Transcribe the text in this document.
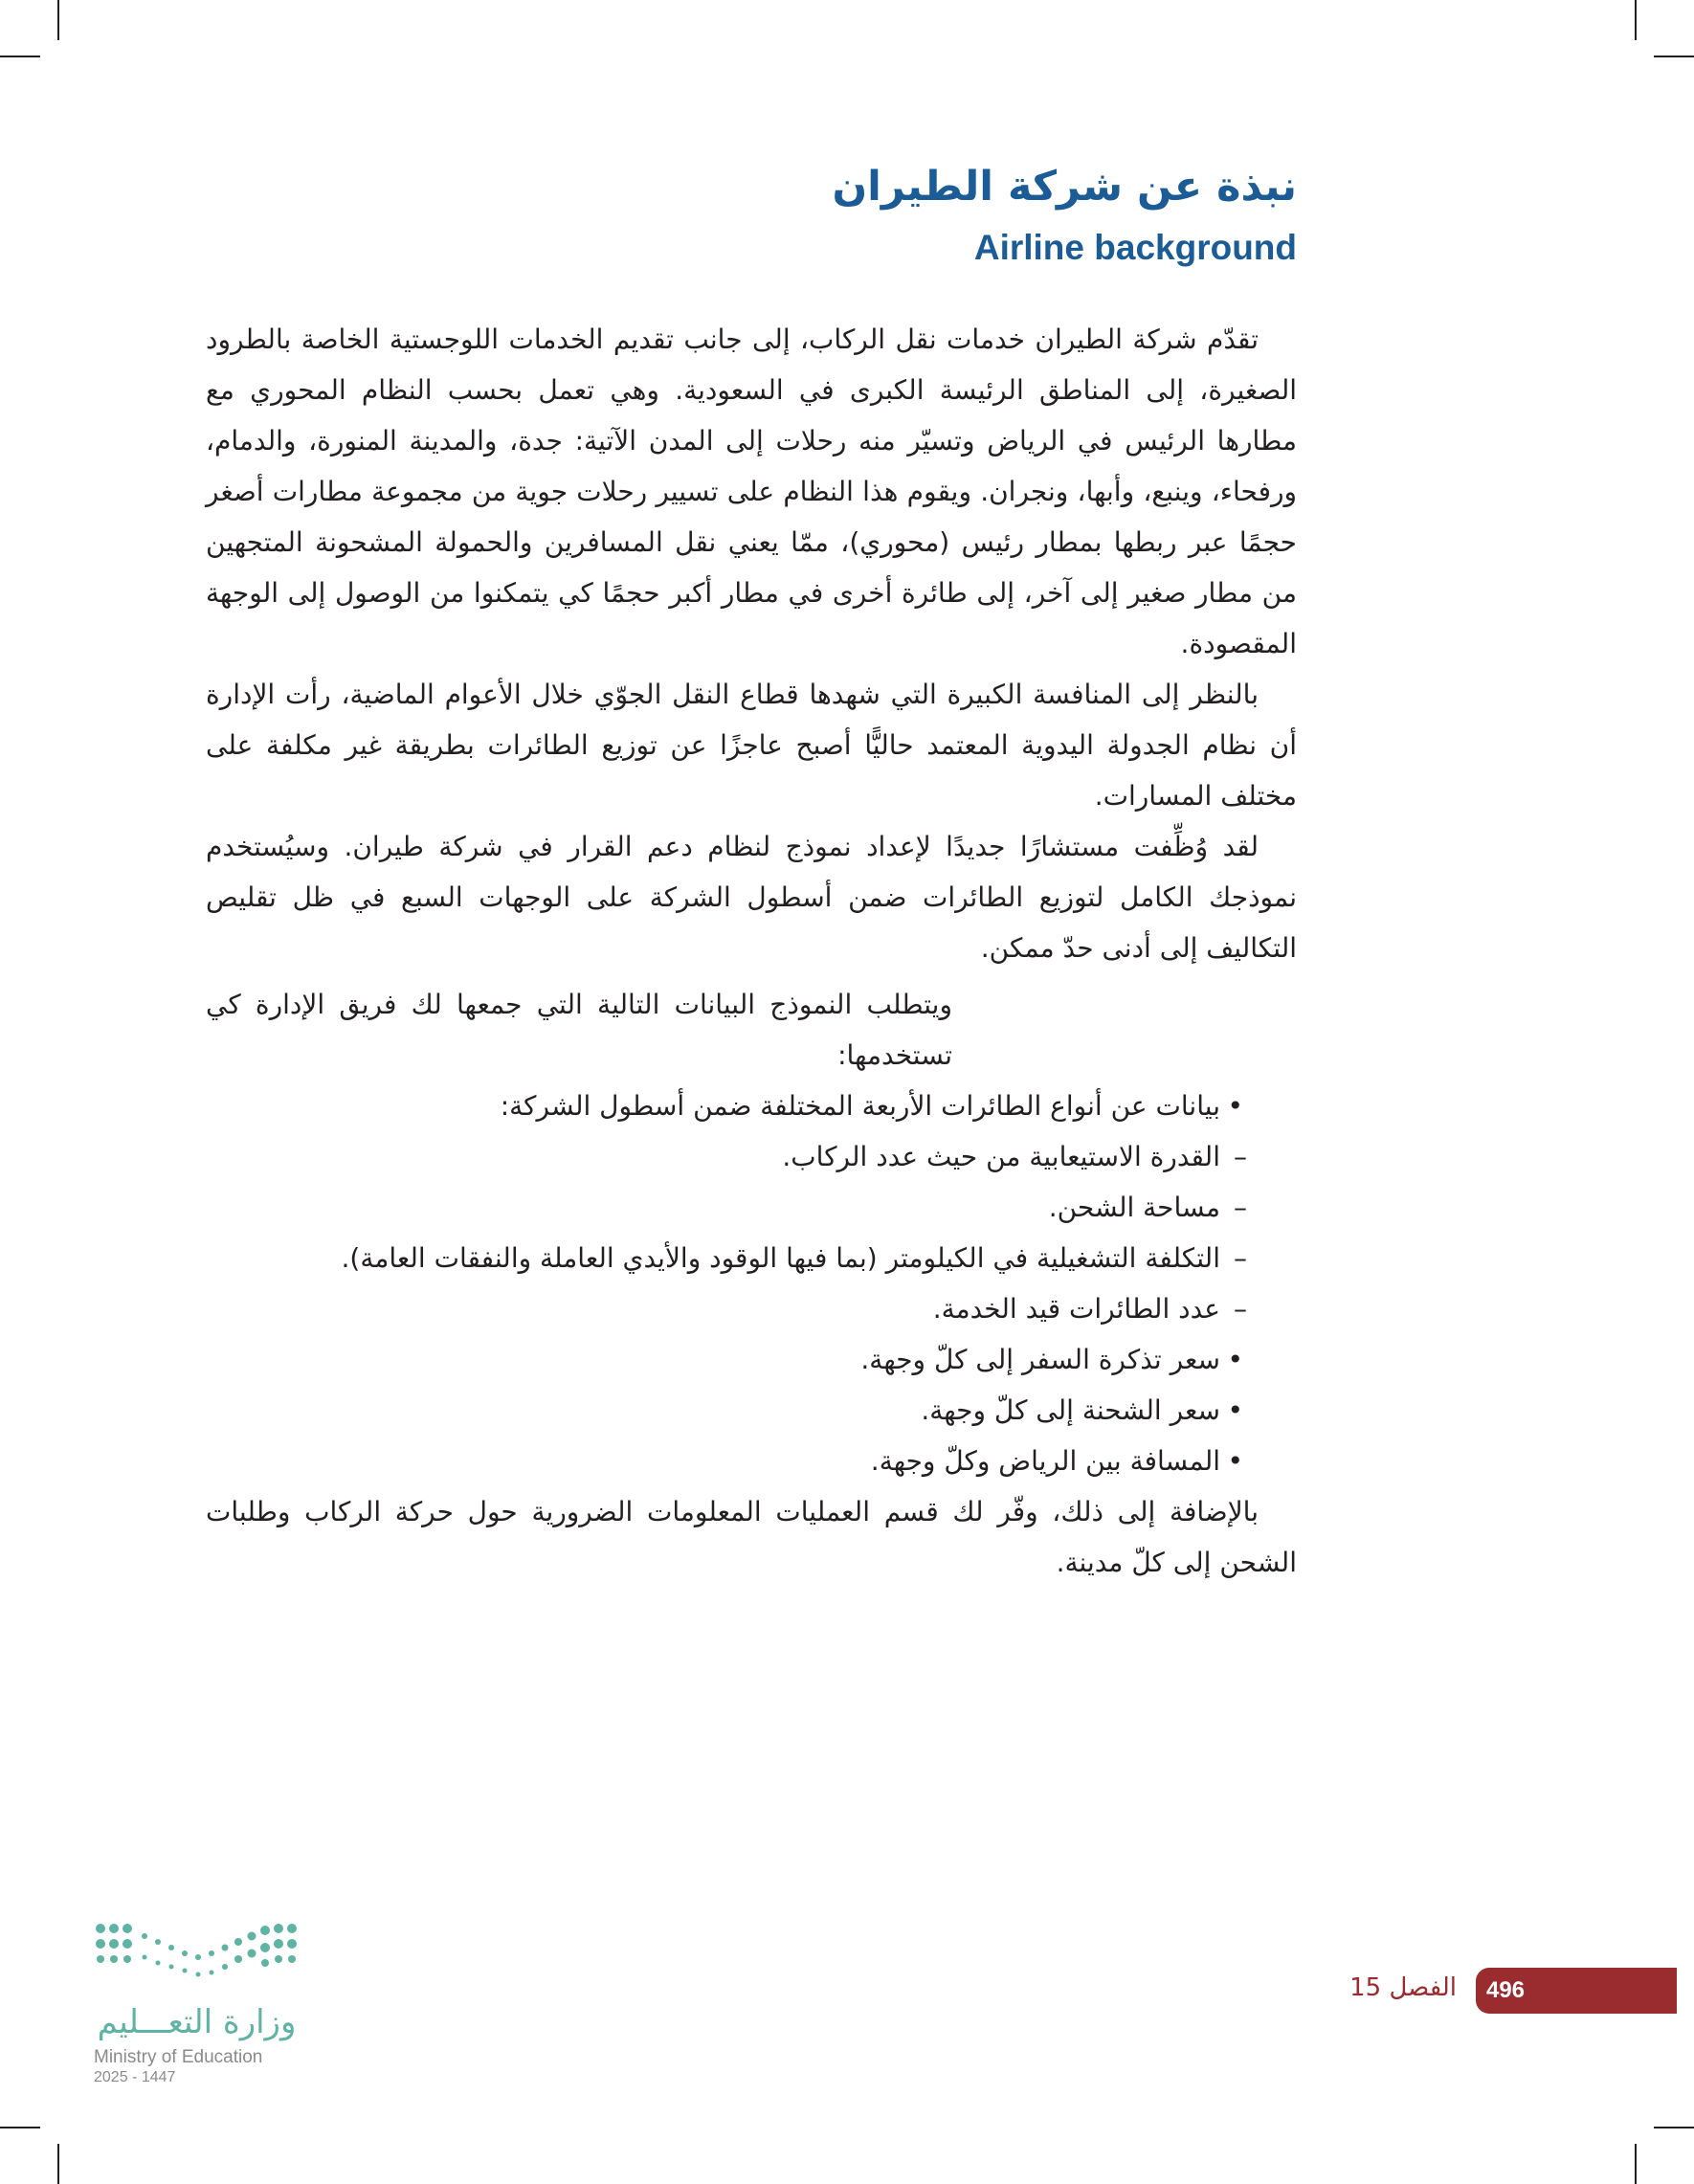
نبذة عن شركة الطيران
Airline background

تقدّم شركة الطيران خدمات نقل الركاب، إلى جانب تقديم الخدمات اللوجستية الخاصة بالطرود الصغيرة، إلى المناطق الرئيسة الكبرى في السعودية. وهي تعمل بحسب النظام المحوري مع مطارها الرئيس في الرياض وتسيّر منه رحلات إلى المدن الآتية: جدة، والمدينة المنورة، والدمام، ورفحاء، وينبع، وأبها، ونجران. ويقوم هذا النظام على تسيير رحلات جوية من مجموعة مطارات أصغر حجمًا عبر ربطها بمطار رئيس (محوري)، ممّا يعني نقل المسافرين والحمولة المشحونة المتجهين من مطار صغير إلى آخر، إلى طائرة أخرى في مطار أكبر حجمًا كي يتمكنوا من الوصول إلى الوجهة المقصودة.

بالنظر إلى المنافسة الكبيرة التي شهدها قطاع النقل الجوّي خلال الأعوام الماضية، رأت الإدارة أن نظام الجدولة اليدوية المعتمد حاليًّا أصبح عاجزًا عن توزيع الطائرات بطريقة غير مكلفة على مختلف المسارات.

لقد وُظِّفت مستشارًا جديدًا لإعداد نموذج لنظام دعم القرار في شركة طيران. وسيُستخدم نموذجك الكامل لتوزيع الطائرات ضمن أسطول الشركة على الوجهات السبع في ظل تقليص التكاليف إلى أدنى حدّ ممكن.

ويتطلب النموذج البيانات التالية التي جمعها لك فريق الإدارة كي تستخدمها:

• بيانات عن أنواع الطائرات الأربعة المختلفة ضمن أسطول الشركة:
– القدرة الاستيعابية من حيث عدد الركاب.
– مساحة الشحن.
– التكلفة التشغيلية في الكيلومتر (بما فيها الوقود والأيدي العاملة والنفقات العامة).
– عدد الطائرات قيد الخدمة.
• سعر تذكرة السفر إلى كلّ وجهة.
• سعر الشحنة إلى كلّ وجهة.
• المسافة بين الرياض وكلّ وجهة.

بالإضافة إلى ذلك، وفّر لك قسم العمليات المعلومات الضرورية حول حركة الركاب وطلبات الشحن إلى كلّ مدينة.

496
الفصل 15
وزارة التعـــليم
Ministry of Education
2025 - 1447
